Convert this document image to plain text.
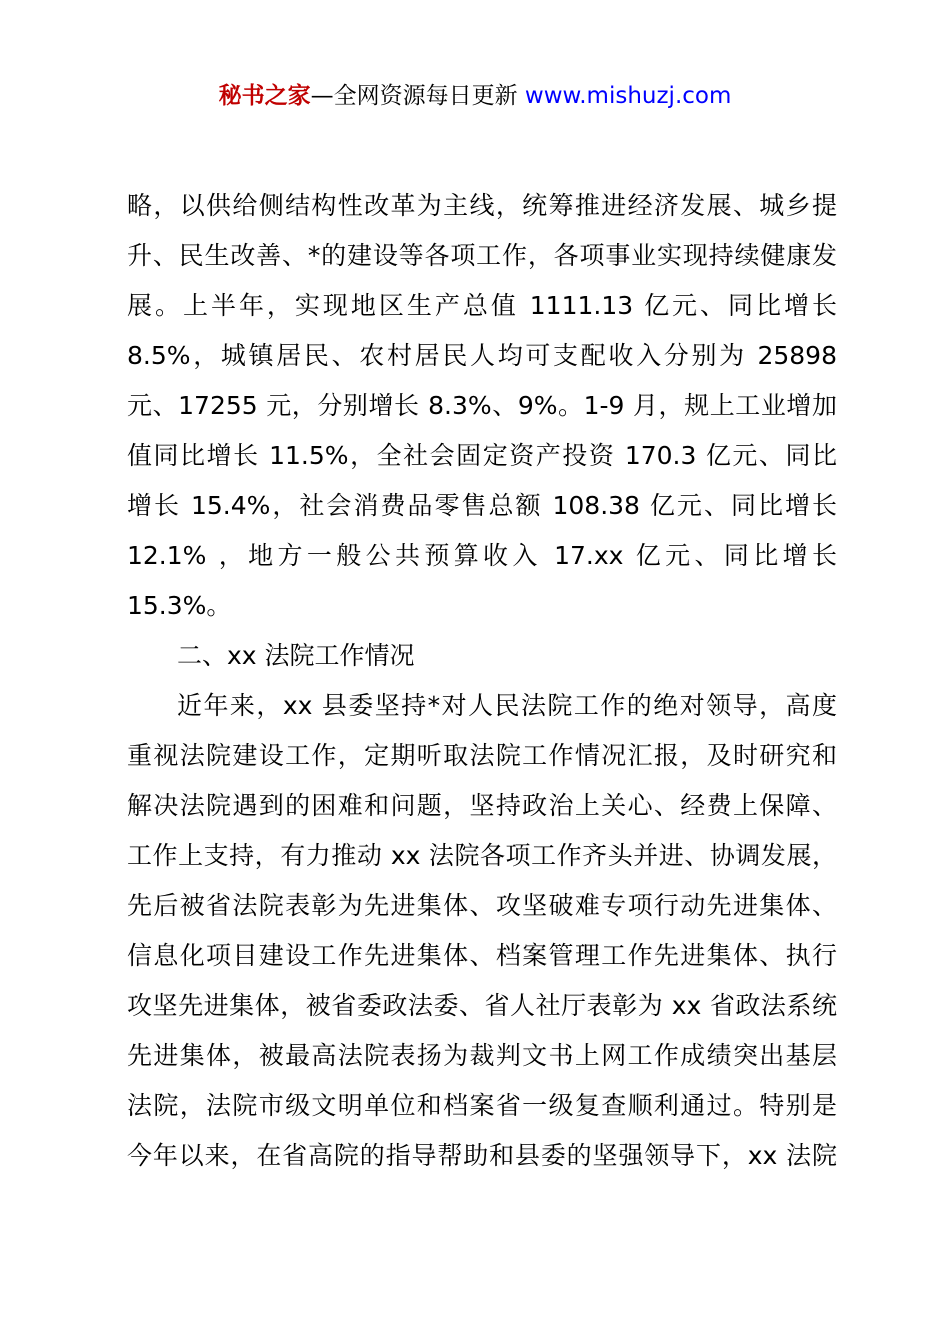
秘书之家—全网资源每日更新 www.mishuzj.com
略，以供给侧结构性改革为主线，统筹推进经济发展、城乡提
升、民生改善、*的建设等各项工作，各项事业实现持续健康发
展。上半年，实现地区生产总值 1111.13 亿元、同比增长
8.5%，城镇居民、农村居民人均可支配收入分别为 25898
元、17255 元，分别增长 8.3%、9%。1-9 月，规上工业增加
值同比增长 11.5%，全社会固定资产投资 170.3 亿元、同比
增长 15.4%，社会消费品零售总额 108.38 亿元、同比增长
12.1% ，地方一般公共预算收入 17.xx 亿元、同比增长
15.3%。
二、xx 法院工作情况
近年来，xx 县委坚持*对人民法院工作的绝对领导，高度
重视法院建设工作，定期听取法院工作情况汇报，及时研究和
解决法院遇到的困难和问题，坚持政治上关心、经费上保障、
工作上支持，有力推动 xx 法院各项工作齐头并进、协调发展，
先后被省法院表彰为先进集体、攻坚破难专项行动先进集体、
信息化项目建设工作先进集体、档案管理工作先进集体、执行
攻坚先进集体，被省委政法委、省人社厅表彰为 xx 省政法系统
先进集体，被最高法院表扬为裁判文书上网工作成绩突出基层
法院，法院市级文明单位和档案省一级复查顺利通过。特别是
今年以来，在省高院的指导帮助和县委的坚强领导下，xx 法院
